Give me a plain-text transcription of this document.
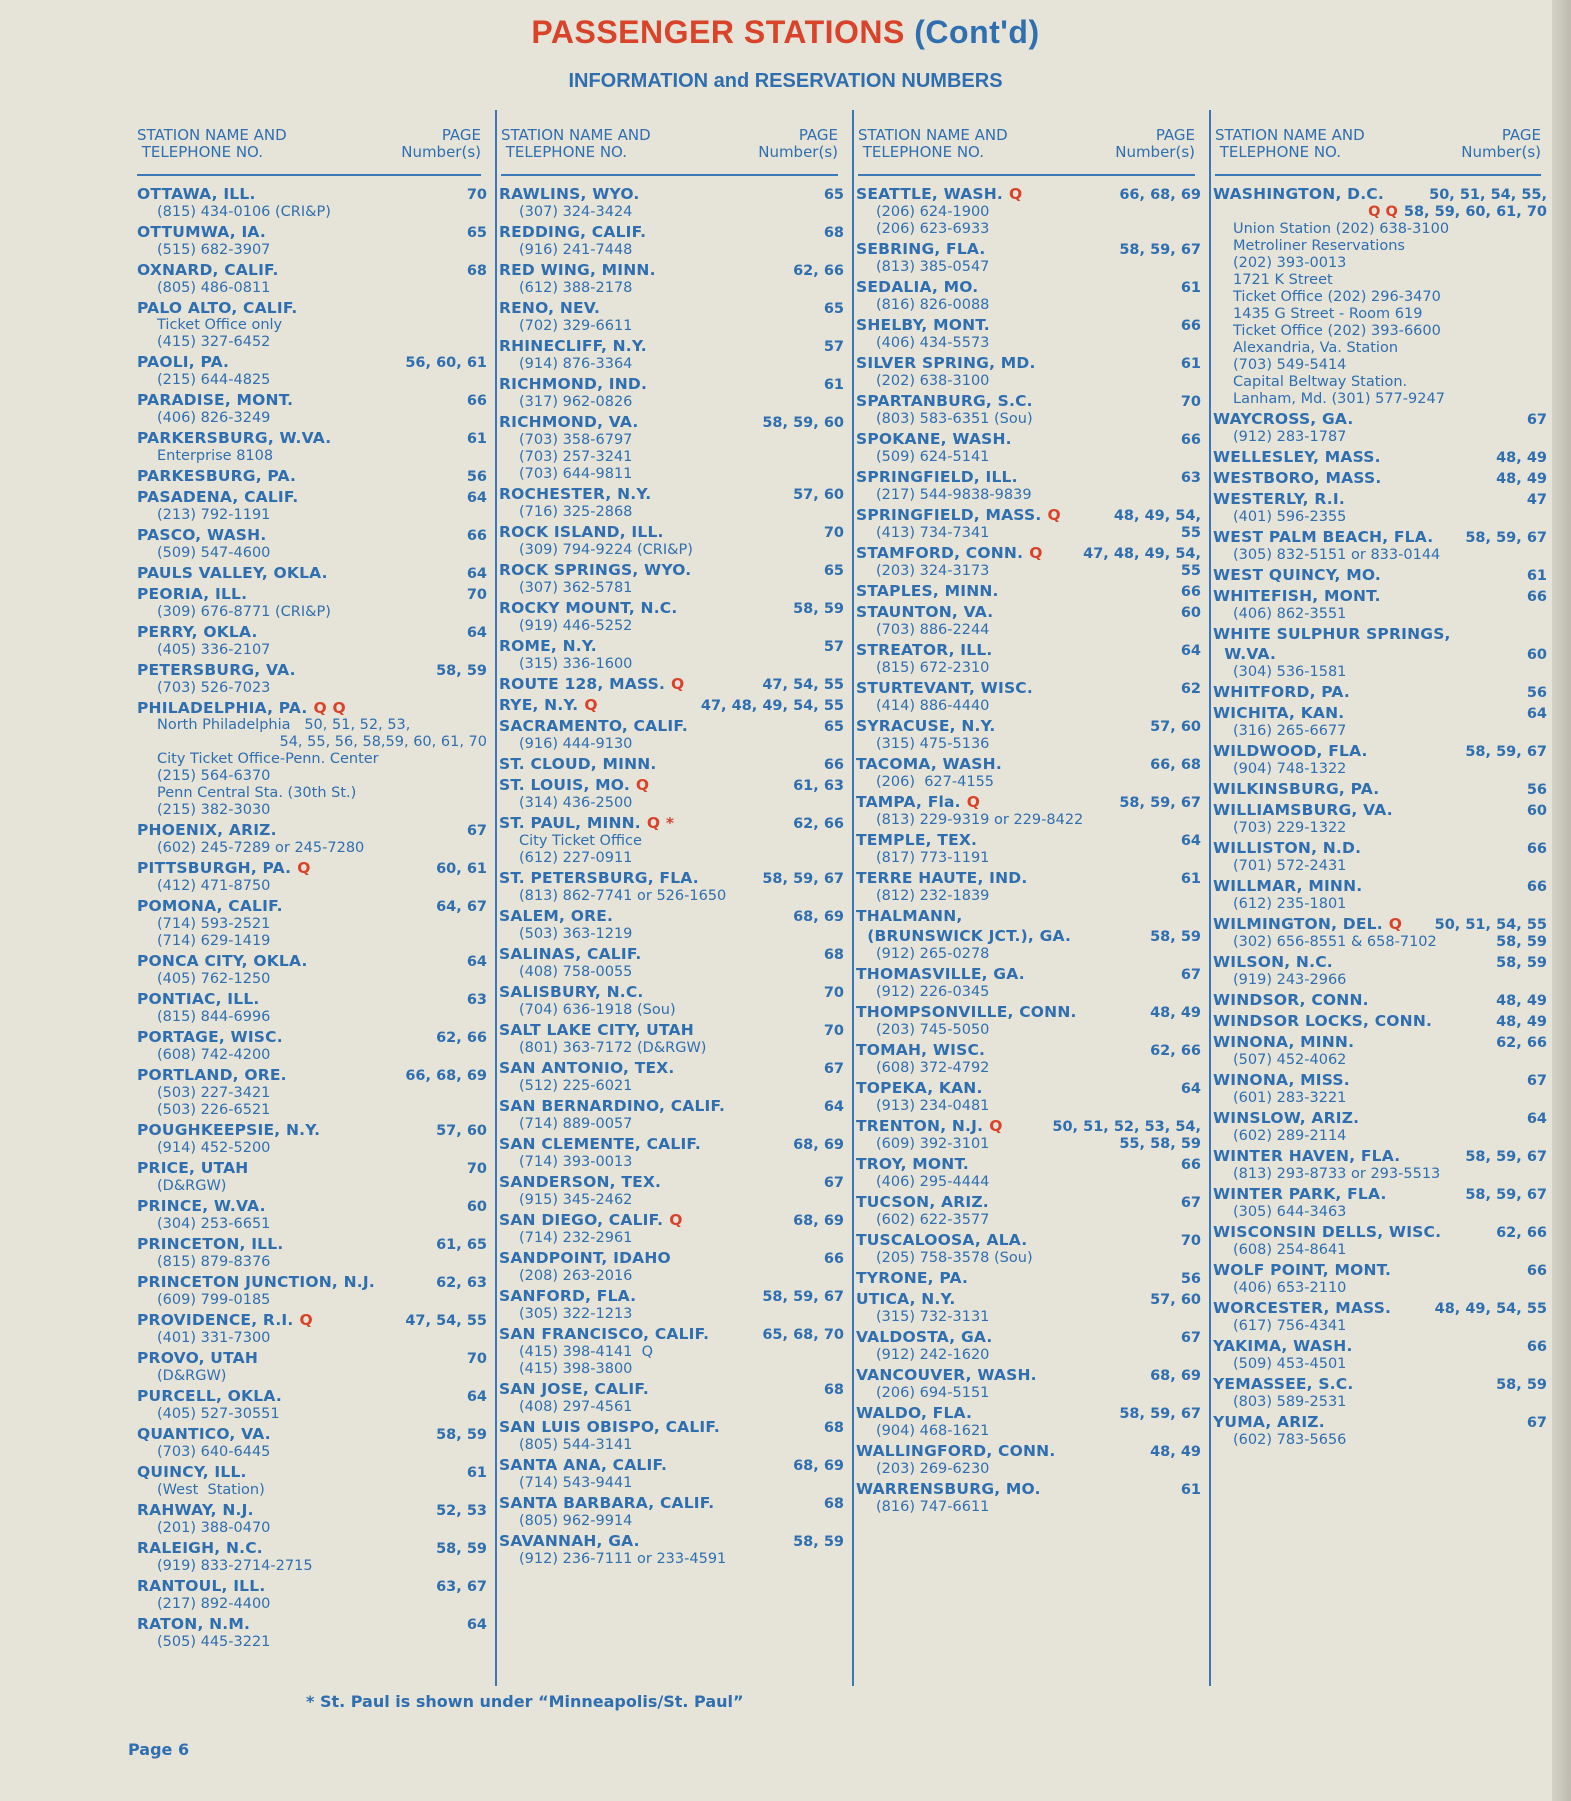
PASSENGER STATIONS (Cont'd)
INFORMATION and RESERVATION NUMBERS
STATION NAME AND
TELEPHONE NO.
PAGE
Number(s)
OTTAWA, ILL.	70
(815) 434-0106 (CRI&P)
OTTUMWA, IA.	65
(515) 682-3907
OXNARD, CALIF.	68
(805) 486-0811
PALO ALTO, CALIF.
Ticket Office only
(415) 327-6452
PAOLI, PA.	56, 60, 61
(215) 644-4825
PARADISE, MONT.	66
(406) 826-3249
PARKERSBURG, W.VA.	61
Enterprise 8108
PARKESBURG, PA.	56
PASADENA, CALIF.	64
(213) 792-1191
PASCO, WASH.	66
(509) 547-4600
PAULS VALLEY, OKLA.	64
PEORIA, ILL.	70
(309) 676-8771 (CRI&P)
PERRY, OKLA.	64
(405) 336-2107
PETERSBURG, VA.	58, 59
(703) 526-7023
PHILADELPHIA, PA. Q Q
North Philadelphia   50, 51, 52, 53,
54, 55, 56, 58,59, 60, 61, 70
City Ticket Office-Penn. Center
(215) 564-6370
Penn Central Sta. (30th St.)
(215) 382-3030
PHOENIX, ARIZ.	67
(602) 245-7289 or 245-7280
PITTSBURGH, PA. Q	60, 61
(412) 471-8750
POMONA, CALIF.	64, 67
(714) 593-2521
(714) 629-1419
PONCA CITY, OKLA.	64
(405) 762-1250
PONTIAC, ILL.	63
(815) 844-6996
PORTAGE, WISC.	62, 66
(608) 742-4200
PORTLAND, ORE.	66, 68, 69
(503) 227-3421
(503) 226-6521
POUGHKEEPSIE, N.Y.	57, 60
(914) 452-5200
PRICE, UTAH	70
(D&RGW)
PRINCE, W.VA.	60
(304) 253-6651
PRINCETON, ILL.	61, 65
(815) 879-8376
PRINCETON JUNCTION, N.J.	62, 63
(609) 799-0185
PROVIDENCE, R.I. Q	47, 54, 55
(401) 331-7300
PROVO, UTAH	70
(D&RGW)
PURCELL, OKLA.	64
(405) 527-30551
QUANTICO, VA.	58, 59
(703) 640-6445
QUINCY, ILL.	61
(West  Station)
RAHWAY, N.J.	52, 53
(201) 388-0470
RALEIGH, N.C.	58, 59
(919) 833-2714-2715
RANTOUL, ILL.	63, 67
(217) 892-4400
RATON, N.M.	64
(505) 445-3221
STATION NAME AND
TELEPHONE NO.
PAGE
Number(s)
RAWLINS, WYO.	65
(307) 324-3424
REDDING, CALIF.	68
(916) 241-7448
RED WING, MINN.	62, 66
(612) 388-2178
RENO, NEV.	65
(702) 329-6611
RHINECLIFF, N.Y.	57
(914) 876-3364
RICHMOND, IND.	61
(317) 962-0826
RICHMOND, VA.	58, 59, 60
(703) 358-6797
(703) 257-3241
(703) 644-9811
ROCHESTER, N.Y.	57, 60
(716) 325-2868
ROCK ISLAND, ILL.	70
(309) 794-9224 (CRI&P)
ROCK SPRINGS, WYO.	65
(307) 362-5781
ROCKY MOUNT, N.C.	58, 59
(919) 446-5252
ROME, N.Y.	57
(315) 336-1600
ROUTE 128, MASS. Q	47, 54, 55
RYE, N.Y. Q	47, 48, 49, 54, 55
SACRAMENTO, CALIF.	65
(916) 444-9130
ST. CLOUD, MINN.	66
ST. LOUIS, MO. Q	61, 63
(314) 436-2500
ST. PAUL, MINN. Q *	62, 66
City Ticket Office
(612) 227-0911
ST. PETERSBURG, FLA.	58, 59, 67
(813) 862-7741 or 526-1650
SALEM, ORE.	68, 69
(503) 363-1219
SALINAS, CALIF.	68
(408) 758-0055
SALISBURY, N.C.	70
(704) 636-1918 (Sou)
SALT LAKE CITY, UTAH	70
(801) 363-7172 (D&RGW)
SAN ANTONIO, TEX.	67
(512) 225-6021
SAN BERNARDINO, CALIF.	64
(714) 889-0057
SAN CLEMENTE, CALIF.	68, 69
(714) 393-0013
SANDERSON, TEX.	67
(915) 345-2462
SAN DIEGO, CALIF. Q	68, 69
(714) 232-2961
SANDPOINT, IDAHO	66
(208) 263-2016
SANFORD, FLA.	58, 59, 67
(305) 322-1213
SAN FRANCISCO, CALIF.	65, 68, 70
(415) 398-4141  Q
(415) 398-3800
SAN JOSE, CALIF.	68
(408) 297-4561
SAN LUIS OBISPO, CALIF.	68
(805) 544-3141
SANTA ANA, CALIF.	68, 69
(714) 543-9441
SANTA BARBARA, CALIF.	68
(805) 962-9914
SAVANNAH, GA.	58, 59
(912) 236-7111 or 233-4591
STATION NAME AND
TELEPHONE NO.
PAGE
Number(s)
SEATTLE, WASH. Q	66, 68, 69
(206) 624-1900
(206) 623-6933
SEBRING, FLA.	58, 59, 67
(813) 385-0547
SEDALIA, MO.	61
(816) 826-0088
SHELBY, MONT.	66
(406) 434-5573
SILVER SPRING, MD.	61
(202) 638-3100
SPARTANBURG, S.C.	70
(803) 583-6351 (Sou)
SPOKANE, WASH.	66
(509) 624-5141
SPRINGFIELD, ILL.	63
(217) 544-9838-9839
SPRINGFIELD, MASS. Q	48, 49, 54,
(413) 734-7341	55
STAMFORD, CONN. Q	47, 48, 49, 54,
(203) 324-3173	55
STAPLES, MINN.	66
STAUNTON, VA.	60
(703) 886-2244
STREATOR, ILL.	64
(815) 672-2310
STURTEVANT, WISC.	62
(414) 886-4440
SYRACUSE, N.Y.	57, 60
(315) 475-5136
TACOMA, WASH.	66, 68
(206)  627-4155
TAMPA, Fla. Q	58, 59, 67
(813) 229-9319 or 229-8422
TEMPLE, TEX.	64
(817) 773-1191
TERRE HAUTE, IND.	61
(812) 232-1839
THALMANN,
(BRUNSWICK JCT.), GA.	58, 59
(912) 265-0278
THOMASVILLE, GA.	67
(912) 226-0345
THOMPSONVILLE, CONN.	48, 49
(203) 745-5050
TOMAH, WISC.	62, 66
(608) 372-4792
TOPEKA, KAN.	64
(913) 234-0481
TRENTON, N.J. Q	50, 51, 52, 53, 54,
(609) 392-3101	55, 58, 59
TROY, MONT.	66
(406) 295-4444
TUCSON, ARIZ.	67
(602) 622-3577
TUSCALOOSA, ALA.	70
(205) 758-3578 (Sou)
TYRONE, PA.	56
UTICA, N.Y.	57, 60
(315) 732-3131
VALDOSTA, GA.	67
(912) 242-1620
VANCOUVER, WASH.	68, 69
(206) 694-5151
WALDO, FLA.	58, 59, 67
(904) 468-1621
WALLINGFORD, CONN.	48, 49
(203) 269-6230
WARRENSBURG, MO.	61
(816) 747-6611
STATION NAME AND
TELEPHONE NO.
PAGE
Number(s)
WASHINGTON, D.C.	50, 51, 54, 55,
Q Q 58, 59, 60, 61, 70
Union Station (202) 638-3100
Metroliner Reservations
(202) 393-0013
1721 K Street
Ticket Office (202) 296-3470
1435 G Street - Room 619
Ticket Office (202) 393-6600
Alexandria, Va. Station
(703) 549-5414
Capital Beltway Station.
Lanham, Md. (301) 577-9247
WAYCROSS, GA.	67
(912) 283-1787
WELLESLEY, MASS.	48, 49
WESTBORO, MASS.	48, 49
WESTERLY, R.I.	47
(401) 596-2355
WEST PALM BEACH, FLA. 58, 59, 67
(305) 832-5151 or 833-0144
WEST QUINCY, MO.	61
WHITEFISH, MONT.	66
(406) 862-3551
WHITE SULPHUR SPRINGS,
W.VA.	60
(304) 536-1581
WHITFORD, PA.	56
WICHITA, KAN.	64
(316) 265-6677
WILDWOOD, FLA.	58, 59, 67
(904) 748-1322
WILKINSBURG, PA.	56
WILLIAMSBURG, VA.	60
(703) 229-1322
WILLISTON, N.D.	66
(701) 572-2431
WILLMAR, MINN.	66
(612) 235-1801
WILMINGTON, DEL. Q 50, 51, 54, 55
(302) 656-8551 & 658-7102	58, 59
WILSON, N.C.	58, 59
(919) 243-2966
WINDSOR, CONN.	48, 49
WINDSOR LOCKS, CONN.	48, 49
WINONA, MINN.	62, 66
(507) 452-4062
WINONA, MISS.	67
(601) 283-3221
WINSLOW, ARIZ.	64
(602) 289-2114
WINTER HAVEN, FLA.	58, 59, 67
(813) 293-8733 or 293-5513
WINTER PARK, FLA.	58, 59, 67
(305) 644-3463
WISCONSIN DELLS, WISC.	62, 66
(608) 254-8641
WOLF POINT, MONT.	66
(406) 653-2110
WORCESTER, MASS.	48, 49, 54, 55
(617) 756-4341
YAKIMA, WASH.	66
(509) 453-4501
YEMASSEE, S.C.	58, 59
(803) 589-2531
YUMA, ARIZ.	67
(602) 783-5656
* St. Paul is shown under “Minneapolis/St. Paul”
Page 6
